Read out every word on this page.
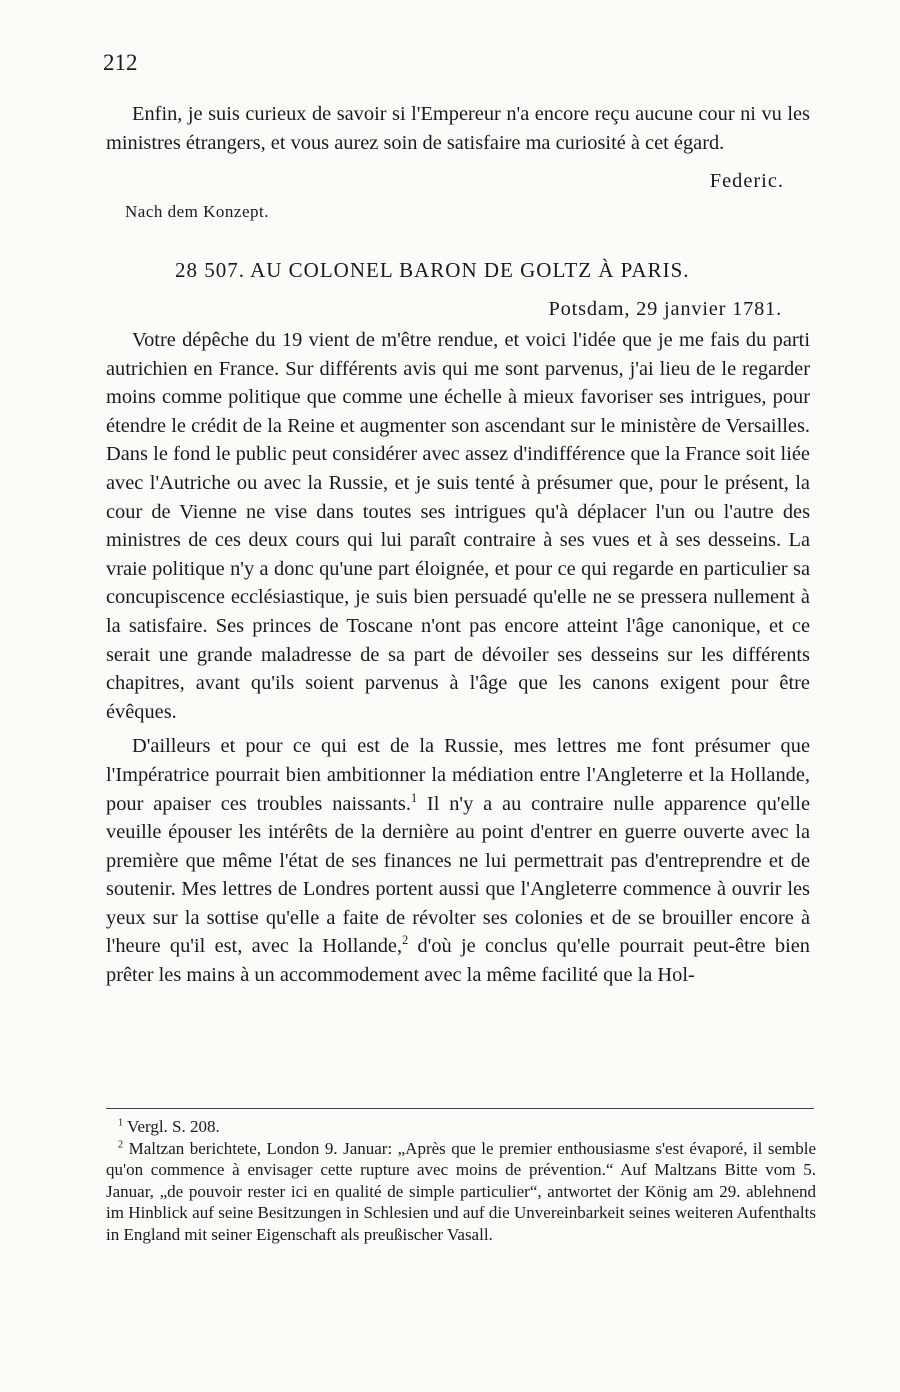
212

Enfin, je suis curieux de savoir si l'Empereur n'a encore reçu aucune cour ni vu les ministres étrangers, et vous aurez soin de satisfaire ma curiosité à cet égard.

Federic.
Nach dem Konzept.
28 507. AU COLONEL BARON DE GOLTZ À PARIS.
Potsdam, 29 janvier 1781.

Votre dépêche du 19 vient de m'être rendue, et voici l'idée que je me fais du parti autrichien en France. Sur différents avis qui me sont parvenus, j'ai lieu de le regarder moins comme politique que comme une échelle à mieux favoriser ses intrigues, pour étendre le crédit de la Reine et augmenter son ascendant sur le ministère de Versailles. Dans le fond le public peut considérer avec assez d'indifférence que la France soit liée avec l'Autriche ou avec la Russie, et je suis tenté à présumer que, pour le présent, la cour de Vienne ne vise dans toutes ses intrigues qu'à déplacer l'un ou l'autre des ministres de ces deux cours qui lui paraît contraire à ses vues et à ses desseins. La vraie politique n'y a donc qu'une part éloignée, et pour ce qui regarde en particulier sa concupiscence ecclésiastique, je suis bien persuadé qu'elle ne se pressera nullement à la satisfaire. Ses princes de Toscane n'ont pas encore atteint l'âge canonique, et ce serait une grande maladresse de sa part de dévoiler ses desseins sur les différents chapitres, avant qu'ils soient parvenus à l'âge que les canons exigent pour être évêques.

D'ailleurs et pour ce qui est de la Russie, mes lettres me font présumer que l'Impératrice pourrait bien ambitionner la médiation entre l'Angleterre et la Hollande, pour apaiser ces troubles naissants.$^1$ Il n'y a au contraire nulle apparence qu'elle veuille épouser les intérêts de la dernière au point d'entrer en guerre ouverte avec la première que même l'état de ses finances ne lui permettrait pas d'entreprendre et de soutenir. Mes lettres de Londres portent aussi que l'Angleterre commence à ouvrir les yeux sur la sottise qu'elle a faite de révolter ses colonies et de se brouiller encore à l'heure qu'il est, avec la Hollande,$^2$ d'où je conclus qu'elle pourrait peut-être bien prêter les mains à un accommodement avec la même facilité que la Hol-

$^1$ Vergl. S. 208.

$^2$ Maltzan berichtete, London 9. Januar: „Après que le premier enthousiasme s'est évaporé, il semble qu'on commence à envisager cette rupture avec moins de prévention.“ Auf Maltzans Bitte vom 5. Januar, „de pouvoir rester ici en qualité de simple particulier“, antwortet der König am 29. ablehnend im Hinblick auf seine Besitzungen in Schlesien und auf die Unvereinbarkeit seines weiteren Aufenthalts in England mit seiner Eigenschaft als preußischer Vasall.
